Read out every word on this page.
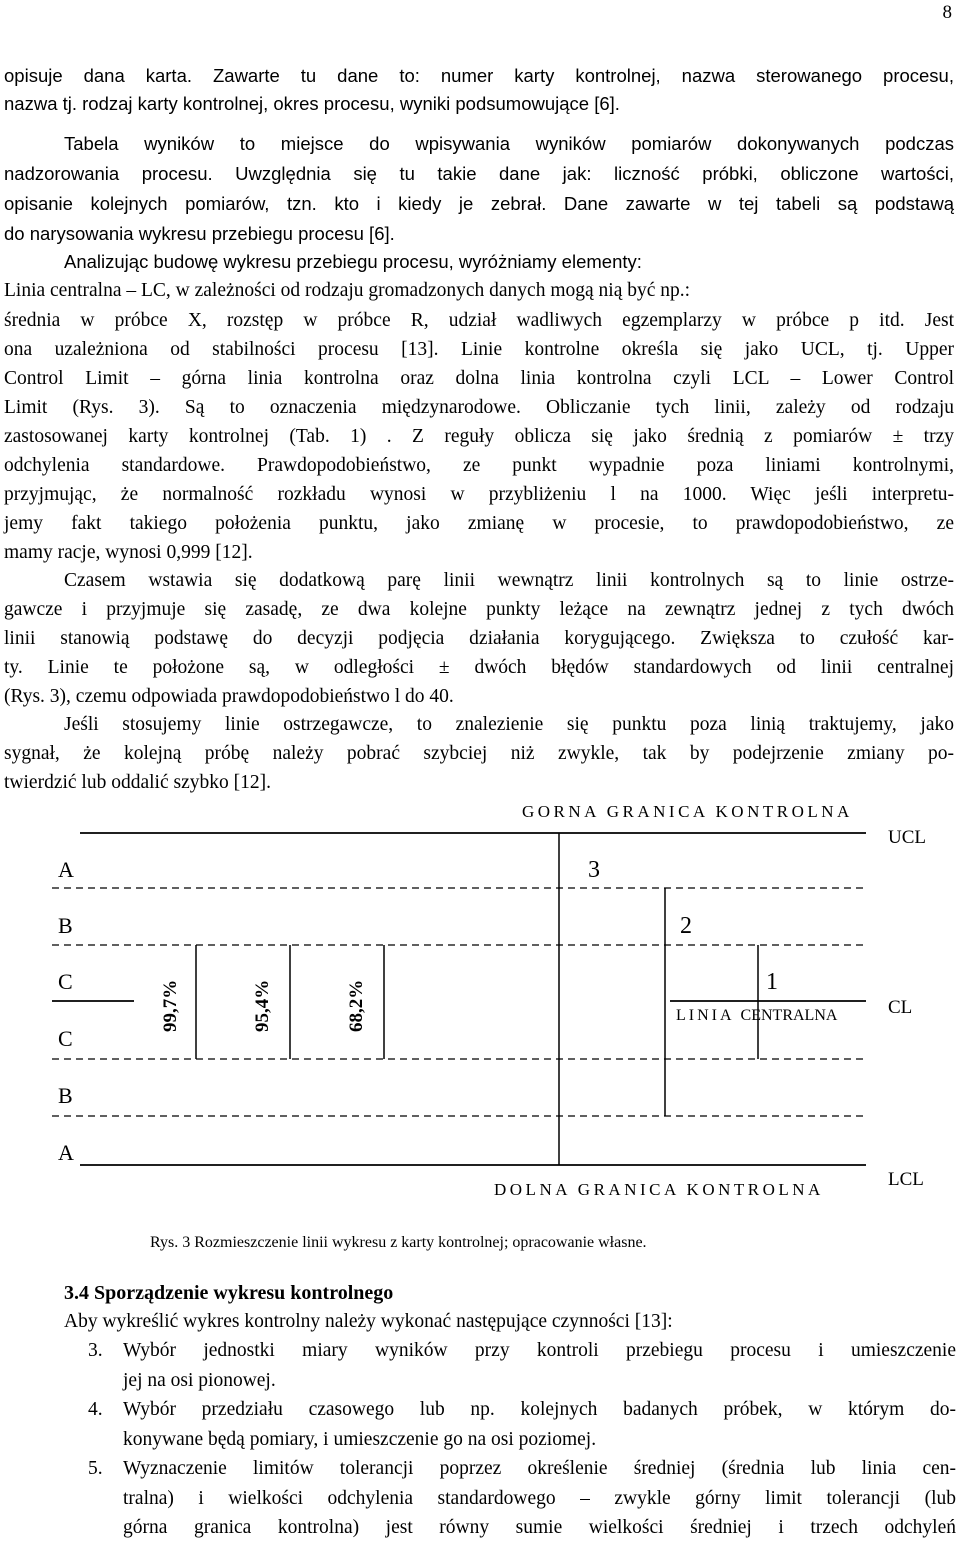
8
opisuje dana karta. Zawarte tu dane to: numer karty kontrolnej, nazwa sterowanego procesu,
nazwa tj. rodzaj karty kontrolnej, okres procesu, wyniki podsumowujące [6].
Tabela wyników to miejsce do wpisywania wyników pomiarów dokonywanych podczas
nadzorowania procesu. Uwzględnia się tu takie dane jak: liczność próbki, obliczone wartości,
opisanie kolejnych pomiarów, tzn. kto i kiedy je zebrał. Dane zawarte w tej tabeli są podstawą
do narysowania wykresu przebiegu procesu [6].
Analizując budowę wykresu przebiegu procesu, wyróżniamy elementy:
Linia centralna – LC, w zależności od rodzaju gromadzonych danych mogą nią być np.:
średnia w próbce X, rozstęp w próbce R, udział wadliwych egzemplarzy w próbce p itd. Jest
ona uzależniona od stabilności procesu [13]. Linie kontrolne określa się jako UCL, tj. Upper
Control Limit – górna linia kontrolna oraz dolna linia kontrolna czyli LCL – Lower Control
Limit (Rys. 3). Są to oznaczenia międzynarodowe. Obliczanie tych linii, zależy od rodzaju
zastosowanej karty kontrolnej (Tab. 1) . Z reguły oblicza się jako średnią z pomiarów ± trzy
odchylenia standardowe. Prawdopodobieństwo, ze punkt wypadnie poza liniami kontrolnymi,
przyjmując, że normalność rozkładu wynosi w przybliżeniu l na 1000. Więc jeśli interpretu-
jemy fakt takiego położenia punktu, jako zmianę w procesie, to prawdopodobieństwo, ze
mamy racje, wynosi 0,999 [12].
Czasem wstawia się dodatkową parę linii wewnątrz linii kontrolnych są to linie ostrze-
gawcze i przyjmuje się zasadę, ze dwa kolejne punkty leżące na zewnątrz jednej z tych dwóch
linii stanowią podstawę do decyzji podjęcia działania korygującego. Zwiększa to czułość kar-
ty. Linie te położone są, w odległości ± dwóch błędów standardowych od linii centralnej
(Rys. 3), czemu odpowiada prawdopodobieństwo l do 40.
Jeśli stosujemy linie ostrzegawcze, to znalezienie się punktu poza linią traktujemy, jako
sygnał, że kolejną próbę należy pobrać szybciej niż zwykle, tak by podejrzenie zmiany po-
twierdzić lub oddalić szybko [12].
GORNA GRANICA KONTROLNA
UCL
LINIA CENTRALNA	CL
DOLNA GRANICA KONTROLNA	LCL
A
B
C
C
B
A
99,7%	95,4%	68,2%
3
2
1
Rys. 3 Rozmieszczenie linii wykresu z karty kontrolnej; opracowanie własne.
3.4 Sporządzenie wykresu kontrolnego
Aby wykreślić wykres kontrolny należy wykonać następujące czynności [13]:
3. Wybór jednostki miary wyników przy kontroli przebiegu procesu i umieszczenie
jej na osi pionowej.
4. Wybór przedziału czasowego lub np. kolejnych badanych próbek, w którym do-
konywane będą pomiary, i umieszczenie go na osi poziomej.
5. Wyznaczenie limitów tolerancji poprzez określenie średniej (średnia lub linia cen-
tralna) i wielkości odchylenia standardowego – zwykle górny limit tolerancji (lub
górna granica kontrolna) jest równy sumie wielkości średniej i trzech odchyleń
